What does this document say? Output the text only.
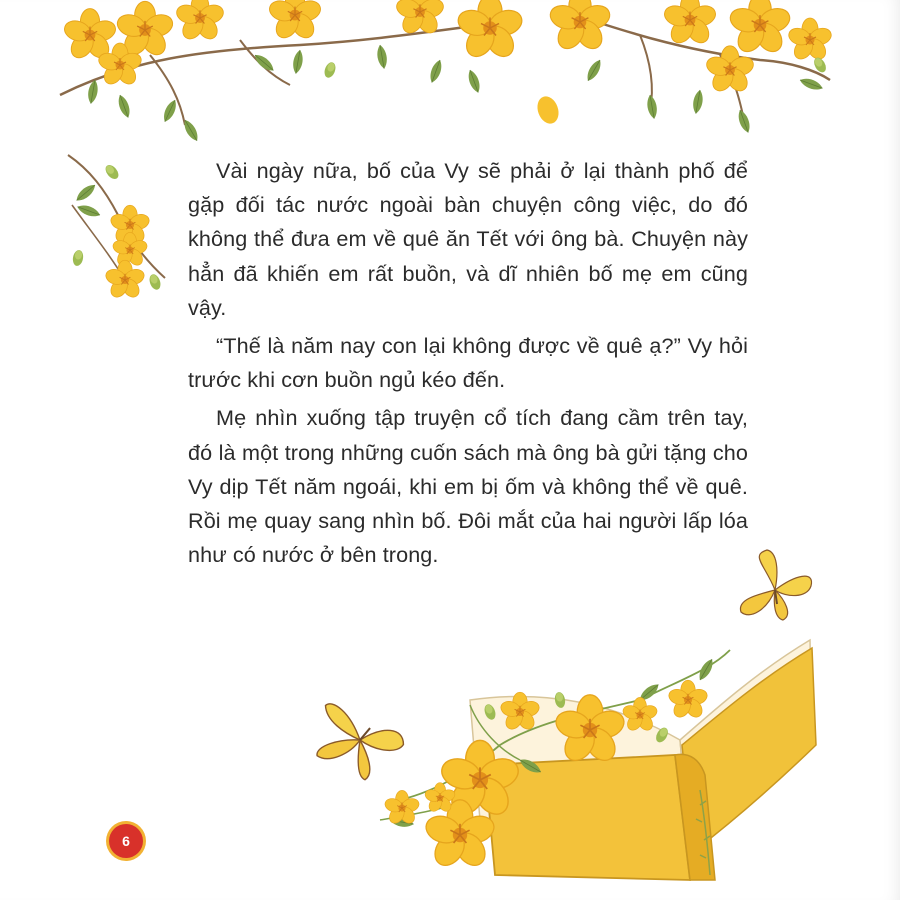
Vài ngày nữa, bố của Vy sẽ phải ở lại thành phố để gặp đối tác nước ngoài bàn chuyện công việc, do đó không thể đưa em về quê ăn Tết với ông bà. Chuyện này hẳn đã khiến em rất buồn, và dĩ nhiên bố mẹ em cũng vậy.

“Thế là năm nay con lại không được về quê ạ?” Vy hỏi trước khi cơn buồn ngủ kéo đến.

Mẹ nhìn xuống tập truyện cổ tích đang cầm trên tay, đó là một trong những cuốn sách mà ông bà gửi tặng cho Vy dịp Tết năm ngoái, khi em bị ốm và không thể về quê. Rồi mẹ quay sang nhìn bố. Đôi mắt của hai người lấp lóa như có nước ở bên trong.

6
